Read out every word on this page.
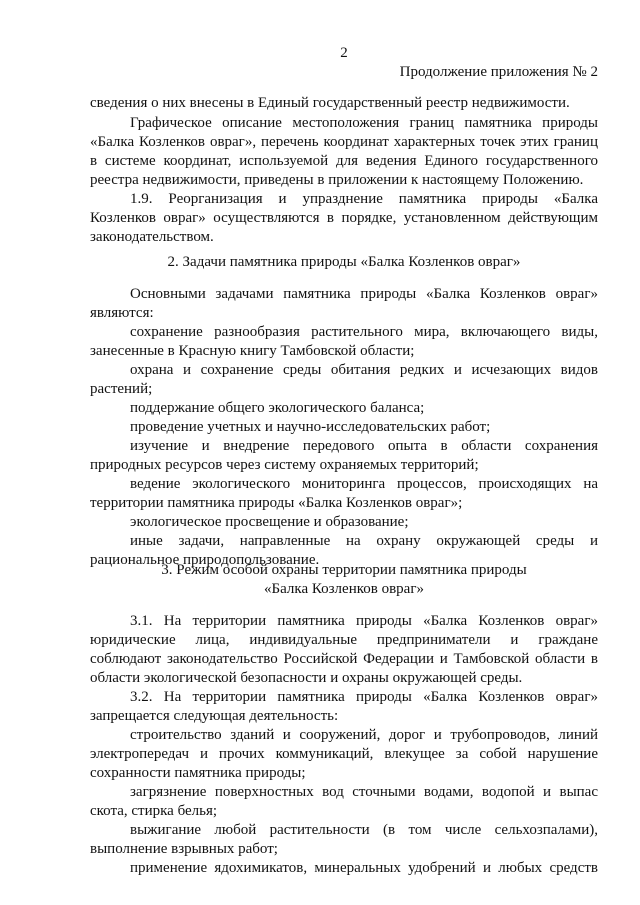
2
Продолжение приложения № 2
сведения о них внесены в Единый государственный реестр недвижимости.
Графическое описание местоположения границ памятника природы
«Балка Козленков овраг», перечень координат характерных точек этих границ
в системе координат, используемой для ведения Единого государственного
реестра недвижимости, приведены в приложении к настоящему Положению.
1.9. Реорганизация и упразднение памятника природы «Балка
Козленков овраг» осуществляются в порядке, установленном действующим
законодательством.
2. Задачи памятника природы «Балка Козленков овраг»
Основными задачами памятника природы «Балка Козленков овраг»
являются:
сохранение разнообразия растительного мира, включающего виды,
занесенные в Красную книгу Тамбовской области;
охрана и сохранение среды обитания редких и исчезающих видов
растений;
поддержание общего экологического баланса;
проведение учетных и научно-исследовательских работ;
изучение и внедрение передового опыта в области сохранения
природных ресурсов через систему охраняемых территорий;
ведение экологического мониторинга процессов, происходящих на
территории памятника природы «Балка Козленков овраг»;
экологическое просвещение и образование;
иные задачи, направленные на охрану окружающей среды и
рациональное природопользование.
3. Режим особой охраны территории памятника природы
«Балка Козленков овраг»
3.1. На территории памятника природы «Балка Козленков овраг»
юридические лица, индивидуальные предприниматели и граждане
соблюдают законодательство Российской Федерации и Тамбовской области в
области экологической безопасности и охраны окружающей среды.
3.2. На территории памятника природы «Балка Козленков овраг»
запрещается следующая деятельность:
строительство зданий и сооружений, дорог и трубопроводов, линий
электропередач и прочих коммуникаций, влекущее за собой нарушение
сохранности памятника природы;
загрязнение поверхностных вод сточными водами, водопой и выпас
скота, стирка белья;
выжигание любой растительности (в том числе сельхозпалами),
выполнение взрывных работ;
применение ядохимикатов, минеральных удобрений и любых средств
